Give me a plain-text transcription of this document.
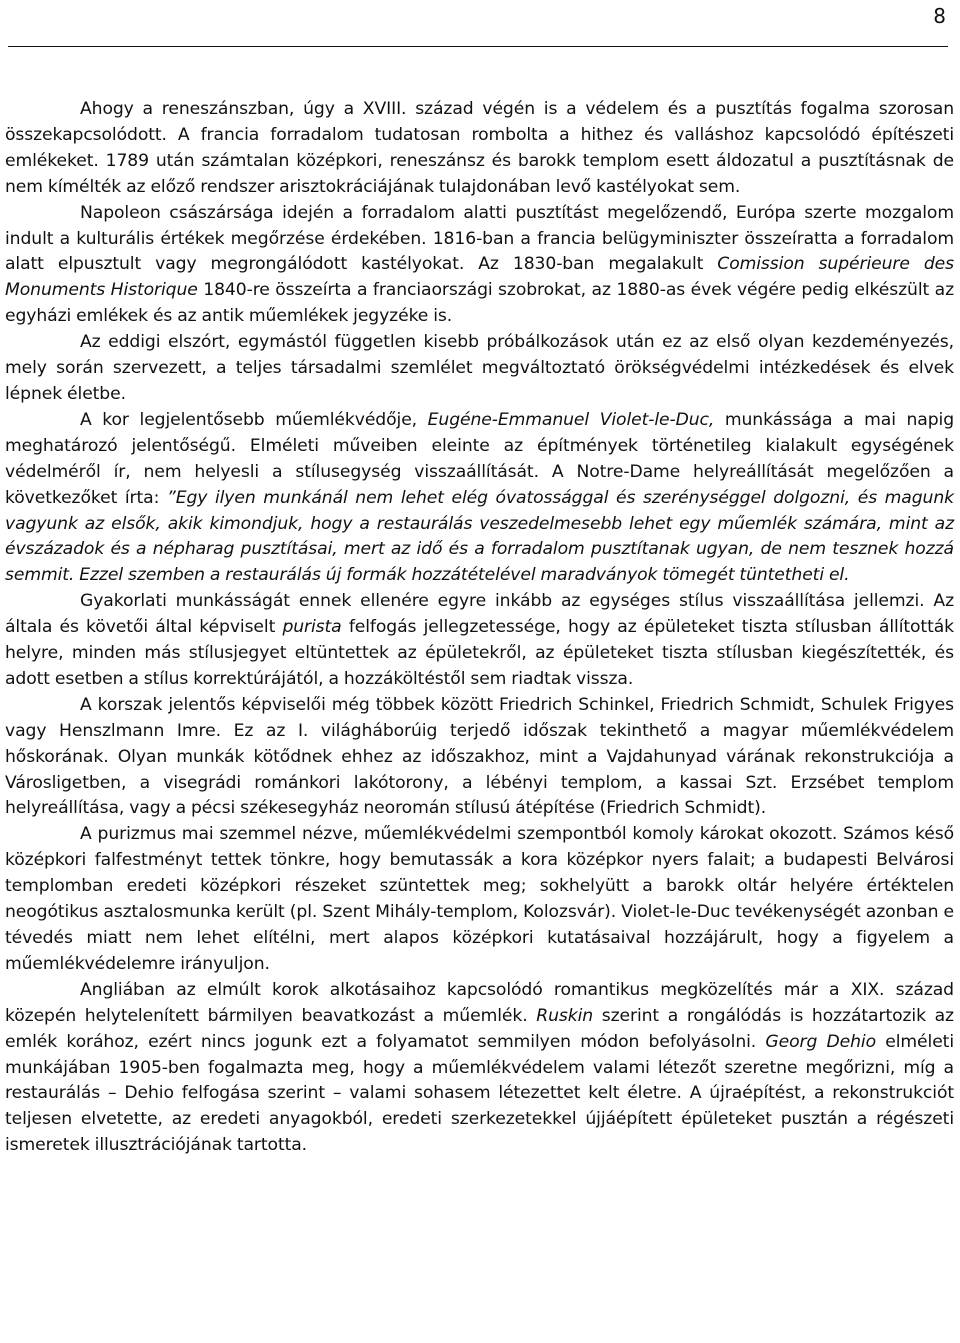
8

Ahogy a reneszánszban, úgy a XVIII. század végén is a védelem és a pusztítás fogalma szorosan összekapcsolódott. A francia forradalom tudatosan rombolta a hithez és valláshoz kapcsolódó építészeti emlékeket. 1789 után számtalan középkori, reneszánsz és barokk templom esett áldozatul a pusztításnak de nem kímélték az előző rendszer arisztokráciájának tulajdonában levő kastélyokat sem.

Napoleon császársága idején a forradalom alatti pusztítást megelőzendő, Európa szerte mozgalom indult a kulturális értékek megőrzése érdekében. 1816-ban a francia belügyminiszter összeíratta a forradalom alatt elpusztult vagy megrongálódott kastélyokat. Az 1830-ban megalakult Comission supérieure des Monuments Historique 1840-re összeírta a franciaországi szobrokat, az 1880-as évek végére pedig elkészült az egyházi emlékek és az antik műemlékek jegyzéke is.

Az eddigi elszórt, egymástól független kisebb próbálkozások után ez az első olyan kezdeményezés, mely során szervezett, a teljes társadalmi szemlélet megváltoztató örökségvédelmi intézkedések és elvek lépnek életbe.

A kor legjelentősebb műemlékvédője, Eugéne-Emmanuel Violet-le-Duc, munkássága a mai napig meghatározó jelentőségű. Elméleti műveiben eleinte az építmények történetileg kialakult egységének védelméről ír, nem helyesli a stílusegység visszaállítását. A Notre-Dame helyreállítását megelőzően a következőket írta: ”Egy ilyen munkánál nem lehet elég óvatossággal és szerénységgel dolgozni, és magunk vagyunk az elsők, akik kimondjuk, hogy a restaurálás veszedelmesebb lehet egy műemlék számára, mint az évszázadok és a népharag pusztításai, mert az idő és a forradalom pusztítanak ugyan, de nem tesznek hozzá semmit. Ezzel szemben a restaurálás új formák hozzátételével maradványok tömegét tüntetheti el.

Gyakorlati munkásságát ennek ellenére egyre inkább az egységes stílus visszaállítása jellemzi. Az általa és követői által képviselt purista felfogás jellegzetessége, hogy az épületeket tiszta stílusban állították helyre, minden más stílusjegyet eltüntettek az épületekről, az épületeket tiszta stílusban kiegészítették, és adott esetben a stílus korrektúrájától, a hozzáköltéstől sem riadtak vissza.

A korszak jelentős képviselői még többek között Friedrich Schinkel, Friedrich Schmidt, Schulek Frigyes vagy Henszlmann Imre. Ez az I. világháborúig terjedő időszak tekinthető a magyar műemlékvédelem hőskorának. Olyan munkák kötődnek ehhez az időszakhoz, mint a Vajdahunyad várának rekonstrukciója a Városligetben, a visegrádi románkori lakótorony, a lébényi templom, a kassai Szt. Erzsébet templom helyreállítása, vagy a pécsi székesegyház neoromán stílusú átépítése (Friedrich Schmidt).

A purizmus mai szemmel nézve, műemlékvédelmi szempontból komoly károkat okozott. Számos késő középkori falfestményt tettek tönkre, hogy bemutassák a kora középkor nyers falait; a budapesti Belvárosi templomban eredeti középkori részeket szüntettek meg; sokhelyütt a barokk oltár helyére értéktelen neogótikus asztalosmunka került (pl. Szent Mihály-templom, Kolozsvár). Violet-le-Duc tevékenységét azonban e tévedés miatt nem lehet elítélni, mert alapos középkori kutatásaival hozzájárult, hogy a figyelem a műemlékvédelemre irányuljon.

Angliában az elmúlt korok alkotásaihoz kapcsolódó romantikus megközelítés már a XIX. század közepén helytelenített bármilyen beavatkozást a műemlék. Ruskin szerint a rongálódás is hozzátartozik az emlék korához, ezért nincs jogunk ezt a folyamatot semmilyen módon befolyásolni. Georg Dehio elméleti munkájában 1905-ben fogalmazta meg, hogy a műemlékvédelem valami létezőt szeretne megőrizni, míg a restaurálás – Dehio felfogása szerint – valami sohasem létezettet kelt életre. A újraépítést, a rekonstrukciót teljesen elvetette, az eredeti anyagokból, eredeti szerkezetekkel újjáépített épületeket pusztán a régészeti ismeretek illusztrációjának tartotta.
